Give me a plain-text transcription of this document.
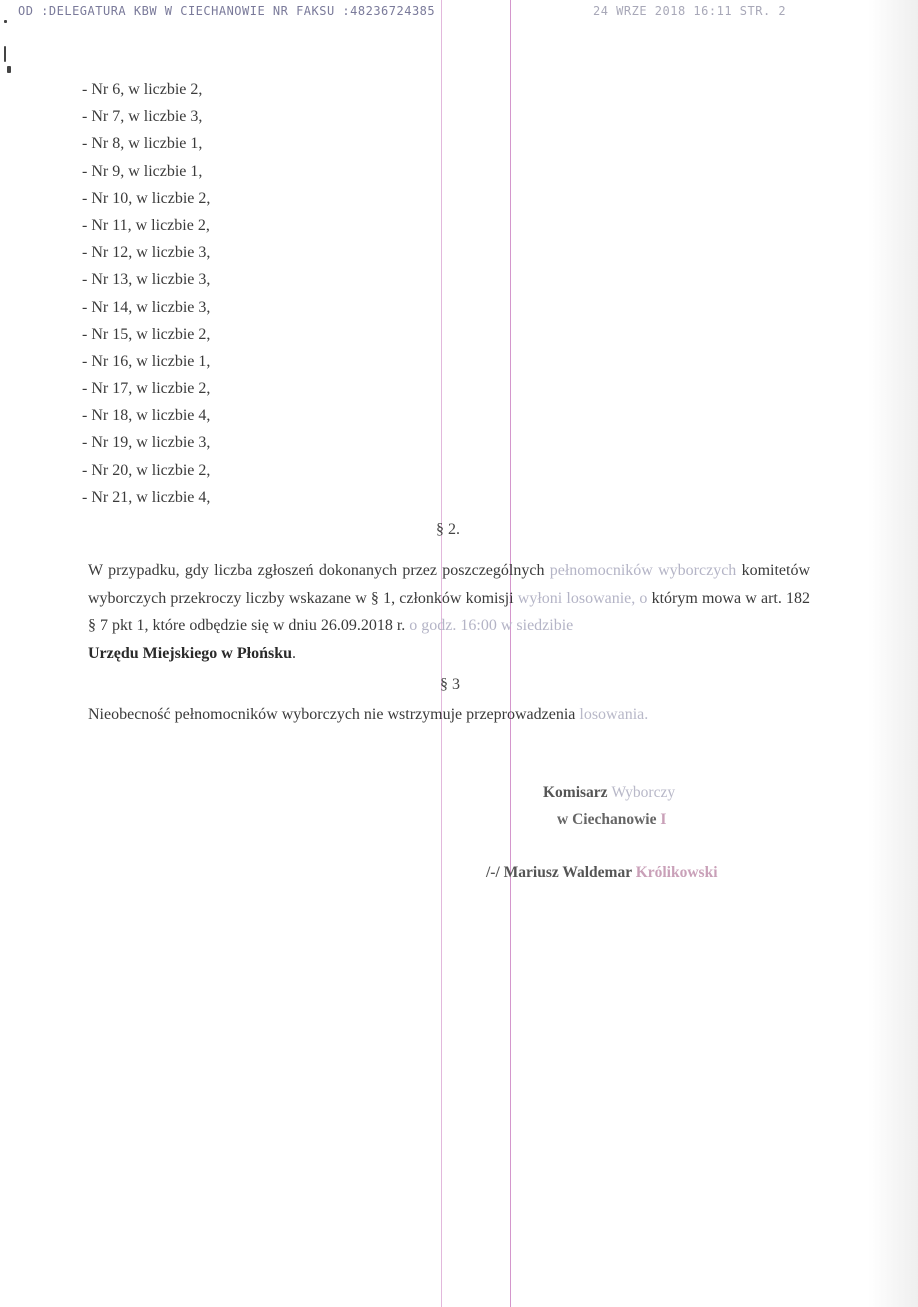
OD :DELEGATURA KBW W CIECHANOWIE NR FAKSU :48236724385	24 WRZE 2018 16:11 STR. 2
- Nr 6, w liczbie 2,
- Nr 7, w liczbie 3,
- Nr 8, w liczbie 1,
- Nr 9, w liczbie 1,
- Nr 10, w liczbie 2,
- Nr 11, w liczbie 2,
- Nr 12, w liczbie 3,
- Nr 13, w liczbie 3,
- Nr 14, w liczbie 3,
- Nr 15, w liczbie 2,
- Nr 16, w liczbie 1,
- Nr 17, w liczbie 2,
- Nr 18, w liczbie 4,
- Nr 19, w liczbie 3,
- Nr 20, w liczbie 2,
- Nr 21, w liczbie 4,
§ 2.
W przypadku, gdy liczba zgłoszeń dokonanych przez poszczególnych pełnomocników wyborczych komitetów wyborczych przekroczy liczby wskazane w § 1, członków komisji wyłoni losowanie, o którym mowa w art. 182 § 7 pkt 1, które odbędzie się w dniu 26.09.2018 r. o godz. 16:00 w siedzibie
Urzędu Miejskiego w Płońsku.
§ 3
Nieobecność pełnomocników wyborczych nie wstrzymuje przeprowadzenia losowania.
Komisarz Wyborczy
w Ciechanowie I
/-/ Mariusz Waldemar Królikowski
